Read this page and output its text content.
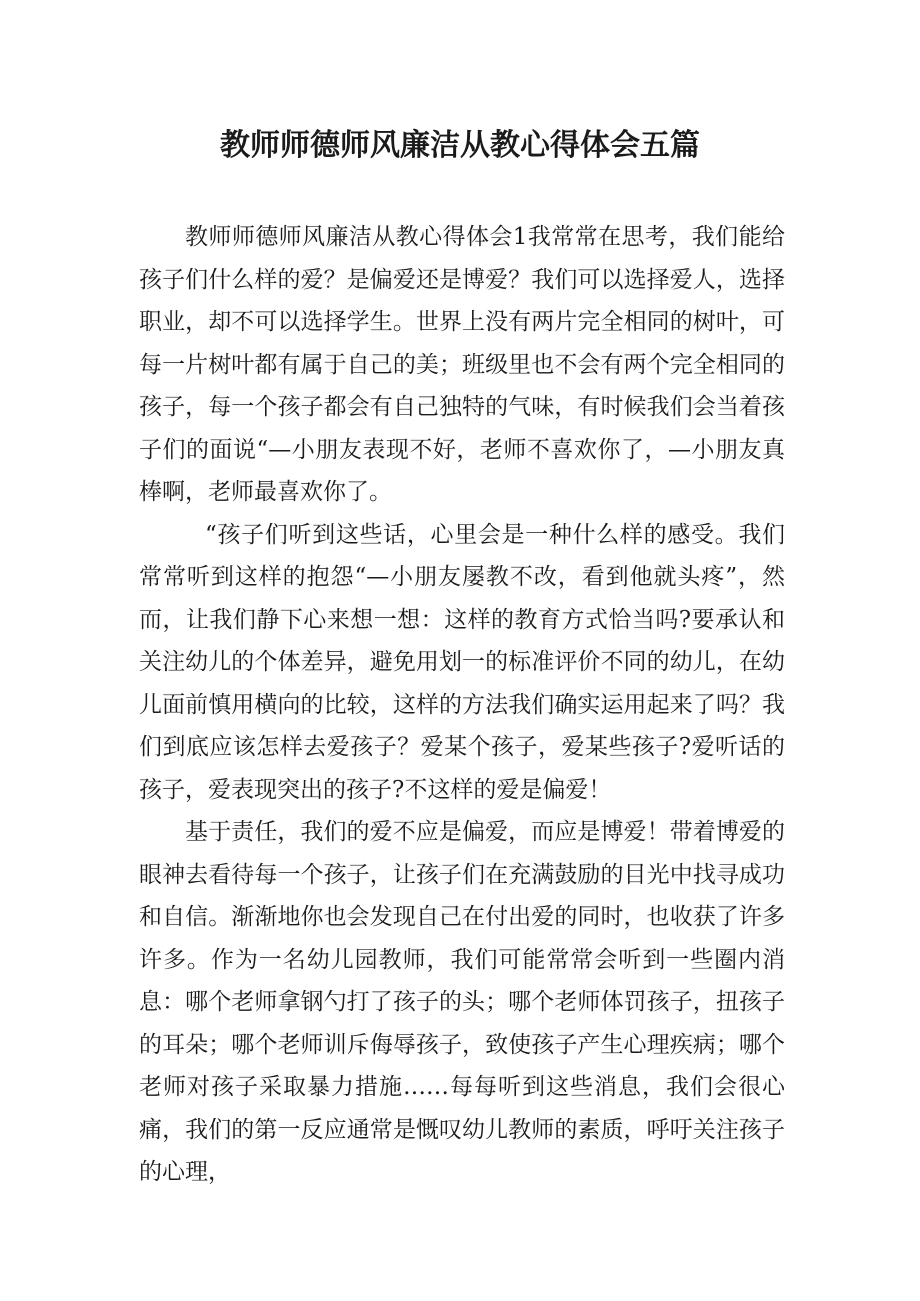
教师师德师风廉洁从教心得体会五篇

教师师德师风廉洁从教心得体会1我常常在思考，我们能给孩子们什么样的爱？是偏爱还是博爱？我们可以选择爱人，选择职业，却不可以选择学生。世界上没有两片完全相同的树叶，可每一片树叶都有属于自己的美；班级里也不会有两个完全相同的孩子，每一个孩子都会有自己独特的气味，有时候我们会当着孩子们的面说“—小朋友表现不好，老师不喜欢你了，—小朋友真棒啊，老师最喜欢你了。

“孩子们听到这些话，心里会是一种什么样的感受。我们常常听到这样的抱怨“—小朋友屡教不改，看到他就头疼”，然而，让我们静下心来想一想：这样的教育方式恰当吗?要承认和关注幼儿的个体差异，避免用划一的标准评价不同的幼儿，在幼儿面前慎用横向的比较，这样的方法我们确实运用起来了吗？我们到底应该怎样去爱孩子？爱某个孩子，爱某些孩子?爱听话的孩子，爱表现突出的孩子?不这样的爱是偏爱！

基于责任，我们的爱不应是偏爱，而应是博爱！带着博爱的眼神去看待每一个孩子，让孩子们在充满鼓励的目光中找寻成功和自信。渐渐地你也会发现自己在付出爱的同时，也收获了许多许多。作为一名幼儿园教师，我们可能常常会听到一些圈内消息：哪个老师拿钢勺打了孩子的头；哪个老师体罚孩子，扭孩子的耳朵；哪个老师训斥侮辱孩子，致使孩子产生心理疾病；哪个老师对孩子采取暴力措施……每每听到这些消息，我们会很心痛，我们的第一反应通常是慨叹幼儿教师的素质，呼吁关注孩子的心理，
